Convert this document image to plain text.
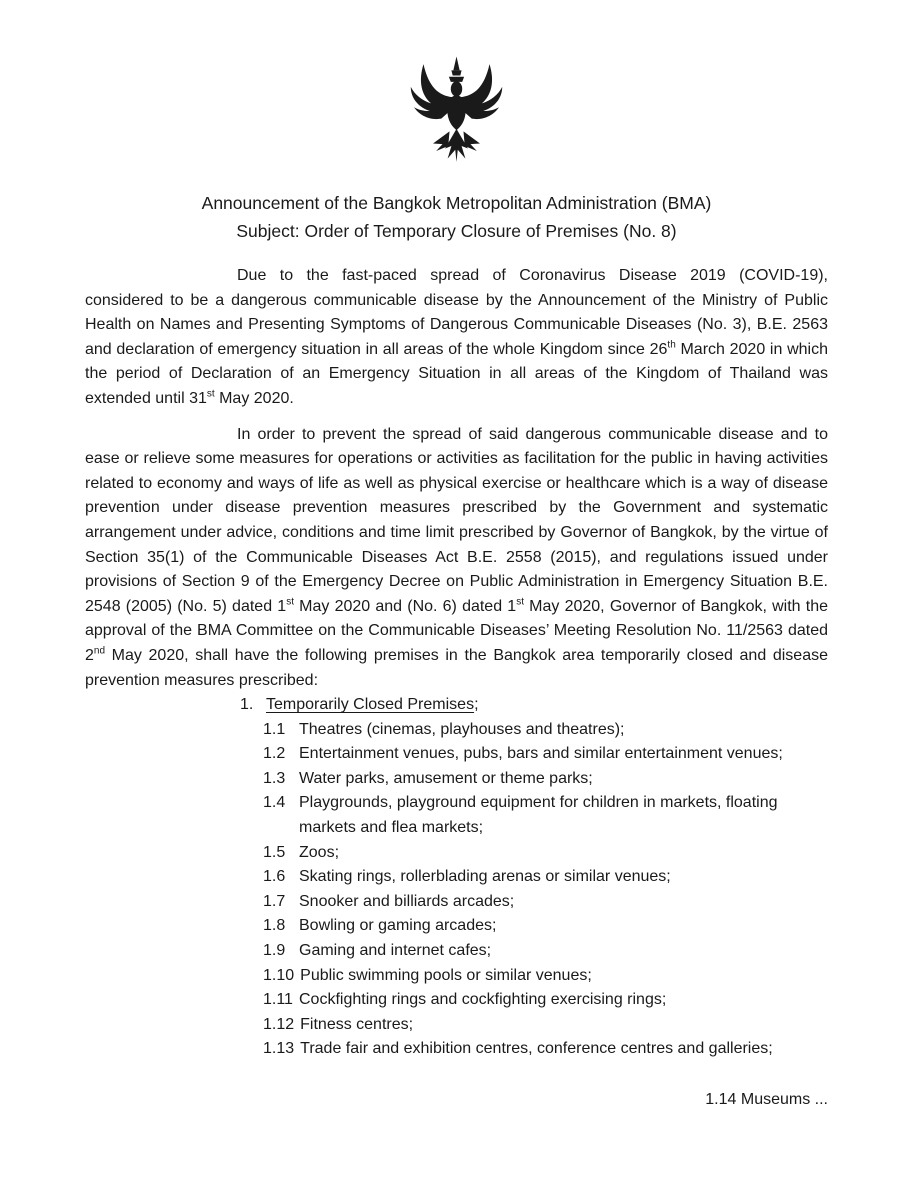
Announcement of the Bangkok Metropolitan Administration (BMA)
Subject: Order of Temporary Closure of Premises (No. 8)

Due to the fast-paced spread of Coronavirus Disease 2019 (COVID-19), considered to be a dangerous communicable disease by the Announcement of the Ministry of Public Health on Names and Presenting Symptoms of Dangerous Communicable Diseases (No. 3), B.E. 2563 and declaration of emergency situation in all areas of the whole Kingdom since 26th March 2020 in which the period of Declaration of an Emergency Situation in all areas of the Kingdom of Thailand was extended until 31st May 2020.

In order to prevent the spread of said dangerous communicable disease and to ease or relieve some measures for operations or activities as facilitation for the public in having activities related to economy and ways of life as well as physical exercise or healthcare which is a way of disease prevention under disease prevention measures prescribed by the Government and systematic arrangement under advice, conditions and time limit prescribed by Governor of Bangkok, by the virtue of Section 35(1) of the Communicable Diseases Act B.E. 2558 (2015), and regulations issued under provisions of Section 9 of the Emergency Decree on Public Administration in Emergency Situation B.E. 2548 (2005) (No. 5) dated 1st May 2020 and (No. 6) dated 1st May 2020, Governor of Bangkok, with the approval of the BMA Committee on the Communicable Diseases’ Meeting Resolution No. 11/2563 dated 2nd May 2020, shall have the following premises in the Bangkok area temporarily closed and disease prevention measures prescribed:

1. Temporarily Closed Premises;
1.1 Theatres (cinemas, playhouses and theatres);
1.2 Entertainment venues, pubs, bars and similar entertainment venues;
1.3 Water parks, amusement or theme parks;
1.4 Playgrounds, playground equipment for children in markets, floating markets and flea markets;
1.5 Zoos;
1.6 Skating rings, rollerblading arenas or similar venues;
1.7 Snooker and billiards arcades;
1.8 Bowling or gaming arcades;
1.9 Gaming and internet cafes;
1.10 Public swimming pools or similar venues;
1.11 Cockfighting rings and cockfighting exercising rings;
1.12 Fitness centres;
1.13 Trade fair and exhibition centres, conference centres and galleries;
1.14 Museums ...
